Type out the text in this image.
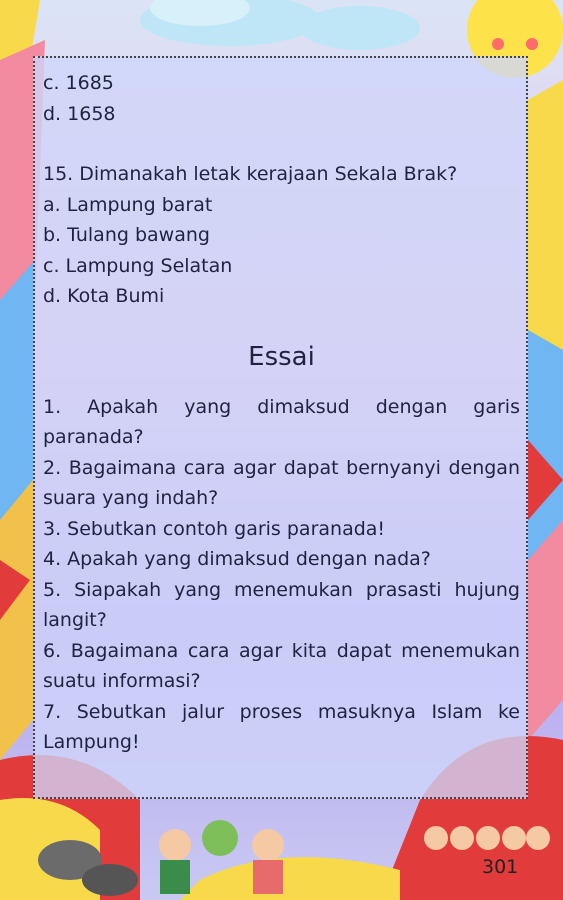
c. 1685
d. 1658
15. Dimanakah letak kerajaan Sekala Brak?
a. Lampung barat
b. Tulang bawang
c. Lampung Selatan
d. Kota Bumi
Essai
1. Apakah yang dimaksud dengan garis paranada?
2. Bagaimana cara agar dapat bernyanyi dengan suara yang indah?
3. Sebutkan contoh garis paranada!
4. Apakah yang dimaksud dengan nada?
5. Siapakah yang menemukan prasasti hujung langit?
6. Bagaimana cara agar kita dapat menemukan suatu informasi?
7. Sebutkan jalur proses masuknya Islam ke Lampung!
301
